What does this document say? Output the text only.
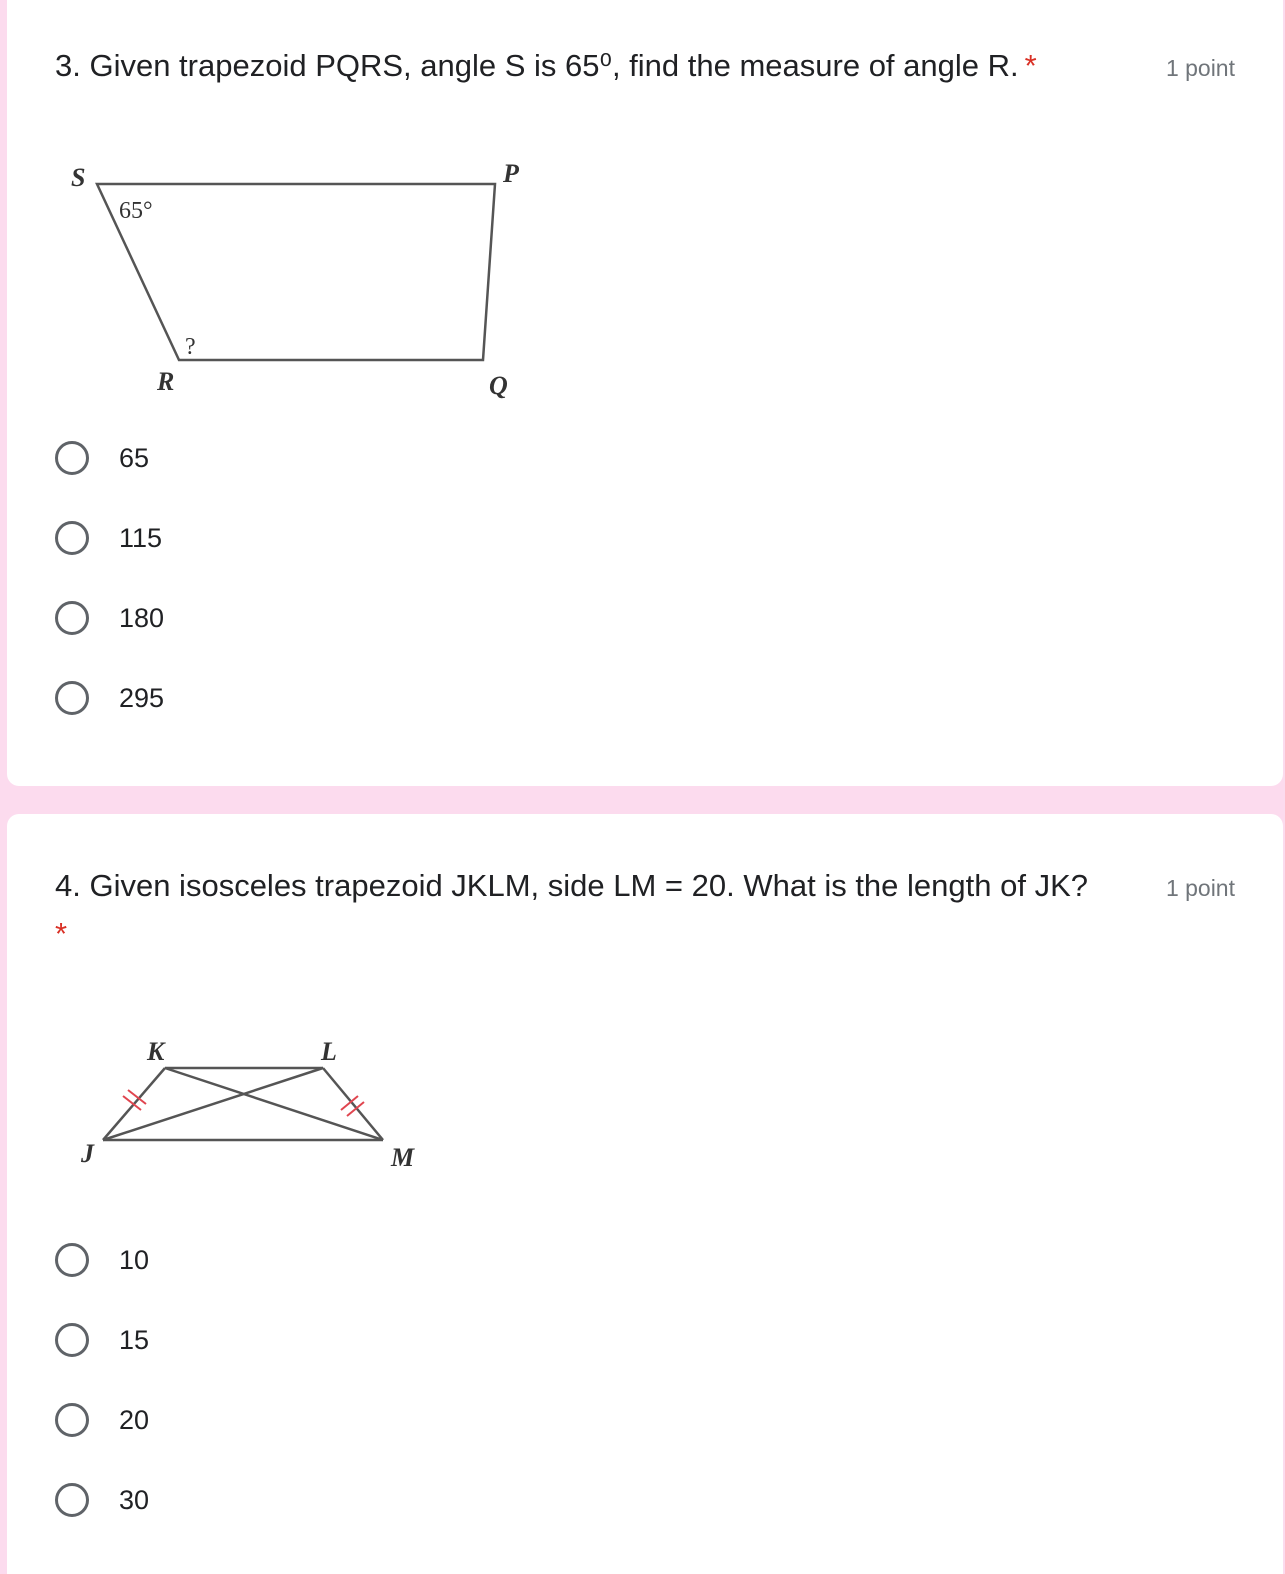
3. Given trapezoid PQRS, angle S is 65⁰, find the measure of angle R. *	1 point
S	P
Q
R
65°
?
65
115
180
295
4. Given isosceles trapezoid JKLM, side LM = 20. What is the length of JK?
*
1 point
K	L
J	M
10
15
20
30
